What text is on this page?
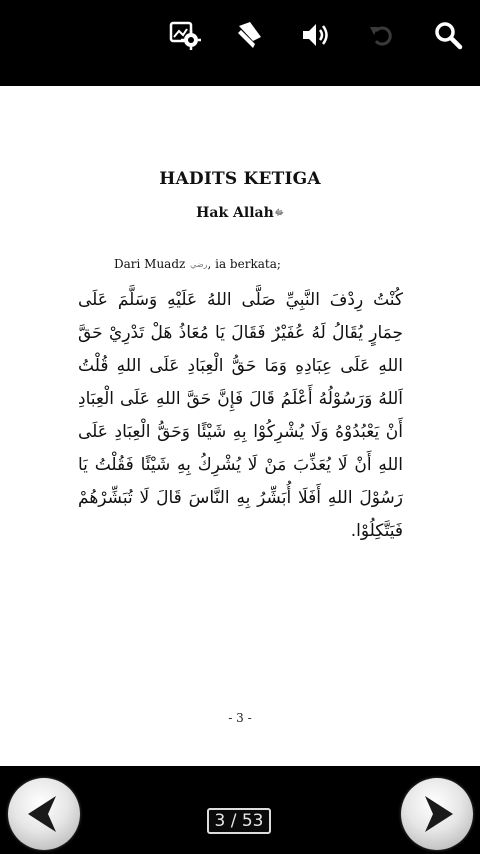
HADITS KETIGA
Hak Allahﷻ
Dari Muadz رضي, ia berkata;
كُنْتُ رِدْفَ النَّبِيِّ صَلَّى اللهُ عَلَيْهِ وَسَلَّمَ عَلَى حِمَارٍ يُقَالُ لَهُ عُفَيْرٌ فَقَالَ يَا مُعَاذُ هَلْ تَدْرِيْ حَقَّ اللهِ عَلَى عِبَادِهِ وَمَا حَقُّ الْعِبَادِ عَلَى اللهِ قُلْتُ اَللهُ وَرَسُوْلُهُ أَعْلَمُ قَالَ فَإِنَّ حَقَّ اللهِ عَلَى الْعِبَادِ أَنْ يَعْبُدُوْهُ وَلَا يُشْرِكُوْا بِهِ شَيْئًا وَحَقُّ الْعِبَادِ عَلَى اللهِ أَنْ لَا يُعَذِّبَ مَنْ لَا يُشْرِكُ بِهِ شَيْئًا فَقُلْتُ يَا رَسُوْلَ اللهِ أَفَلَا أُبَشِّرُ بِهِ النَّاسَ قَالَ لَا تُبَشِّرْهُمْ فَيَتَّكِلُوْا.
- 3 -
3 / 53
